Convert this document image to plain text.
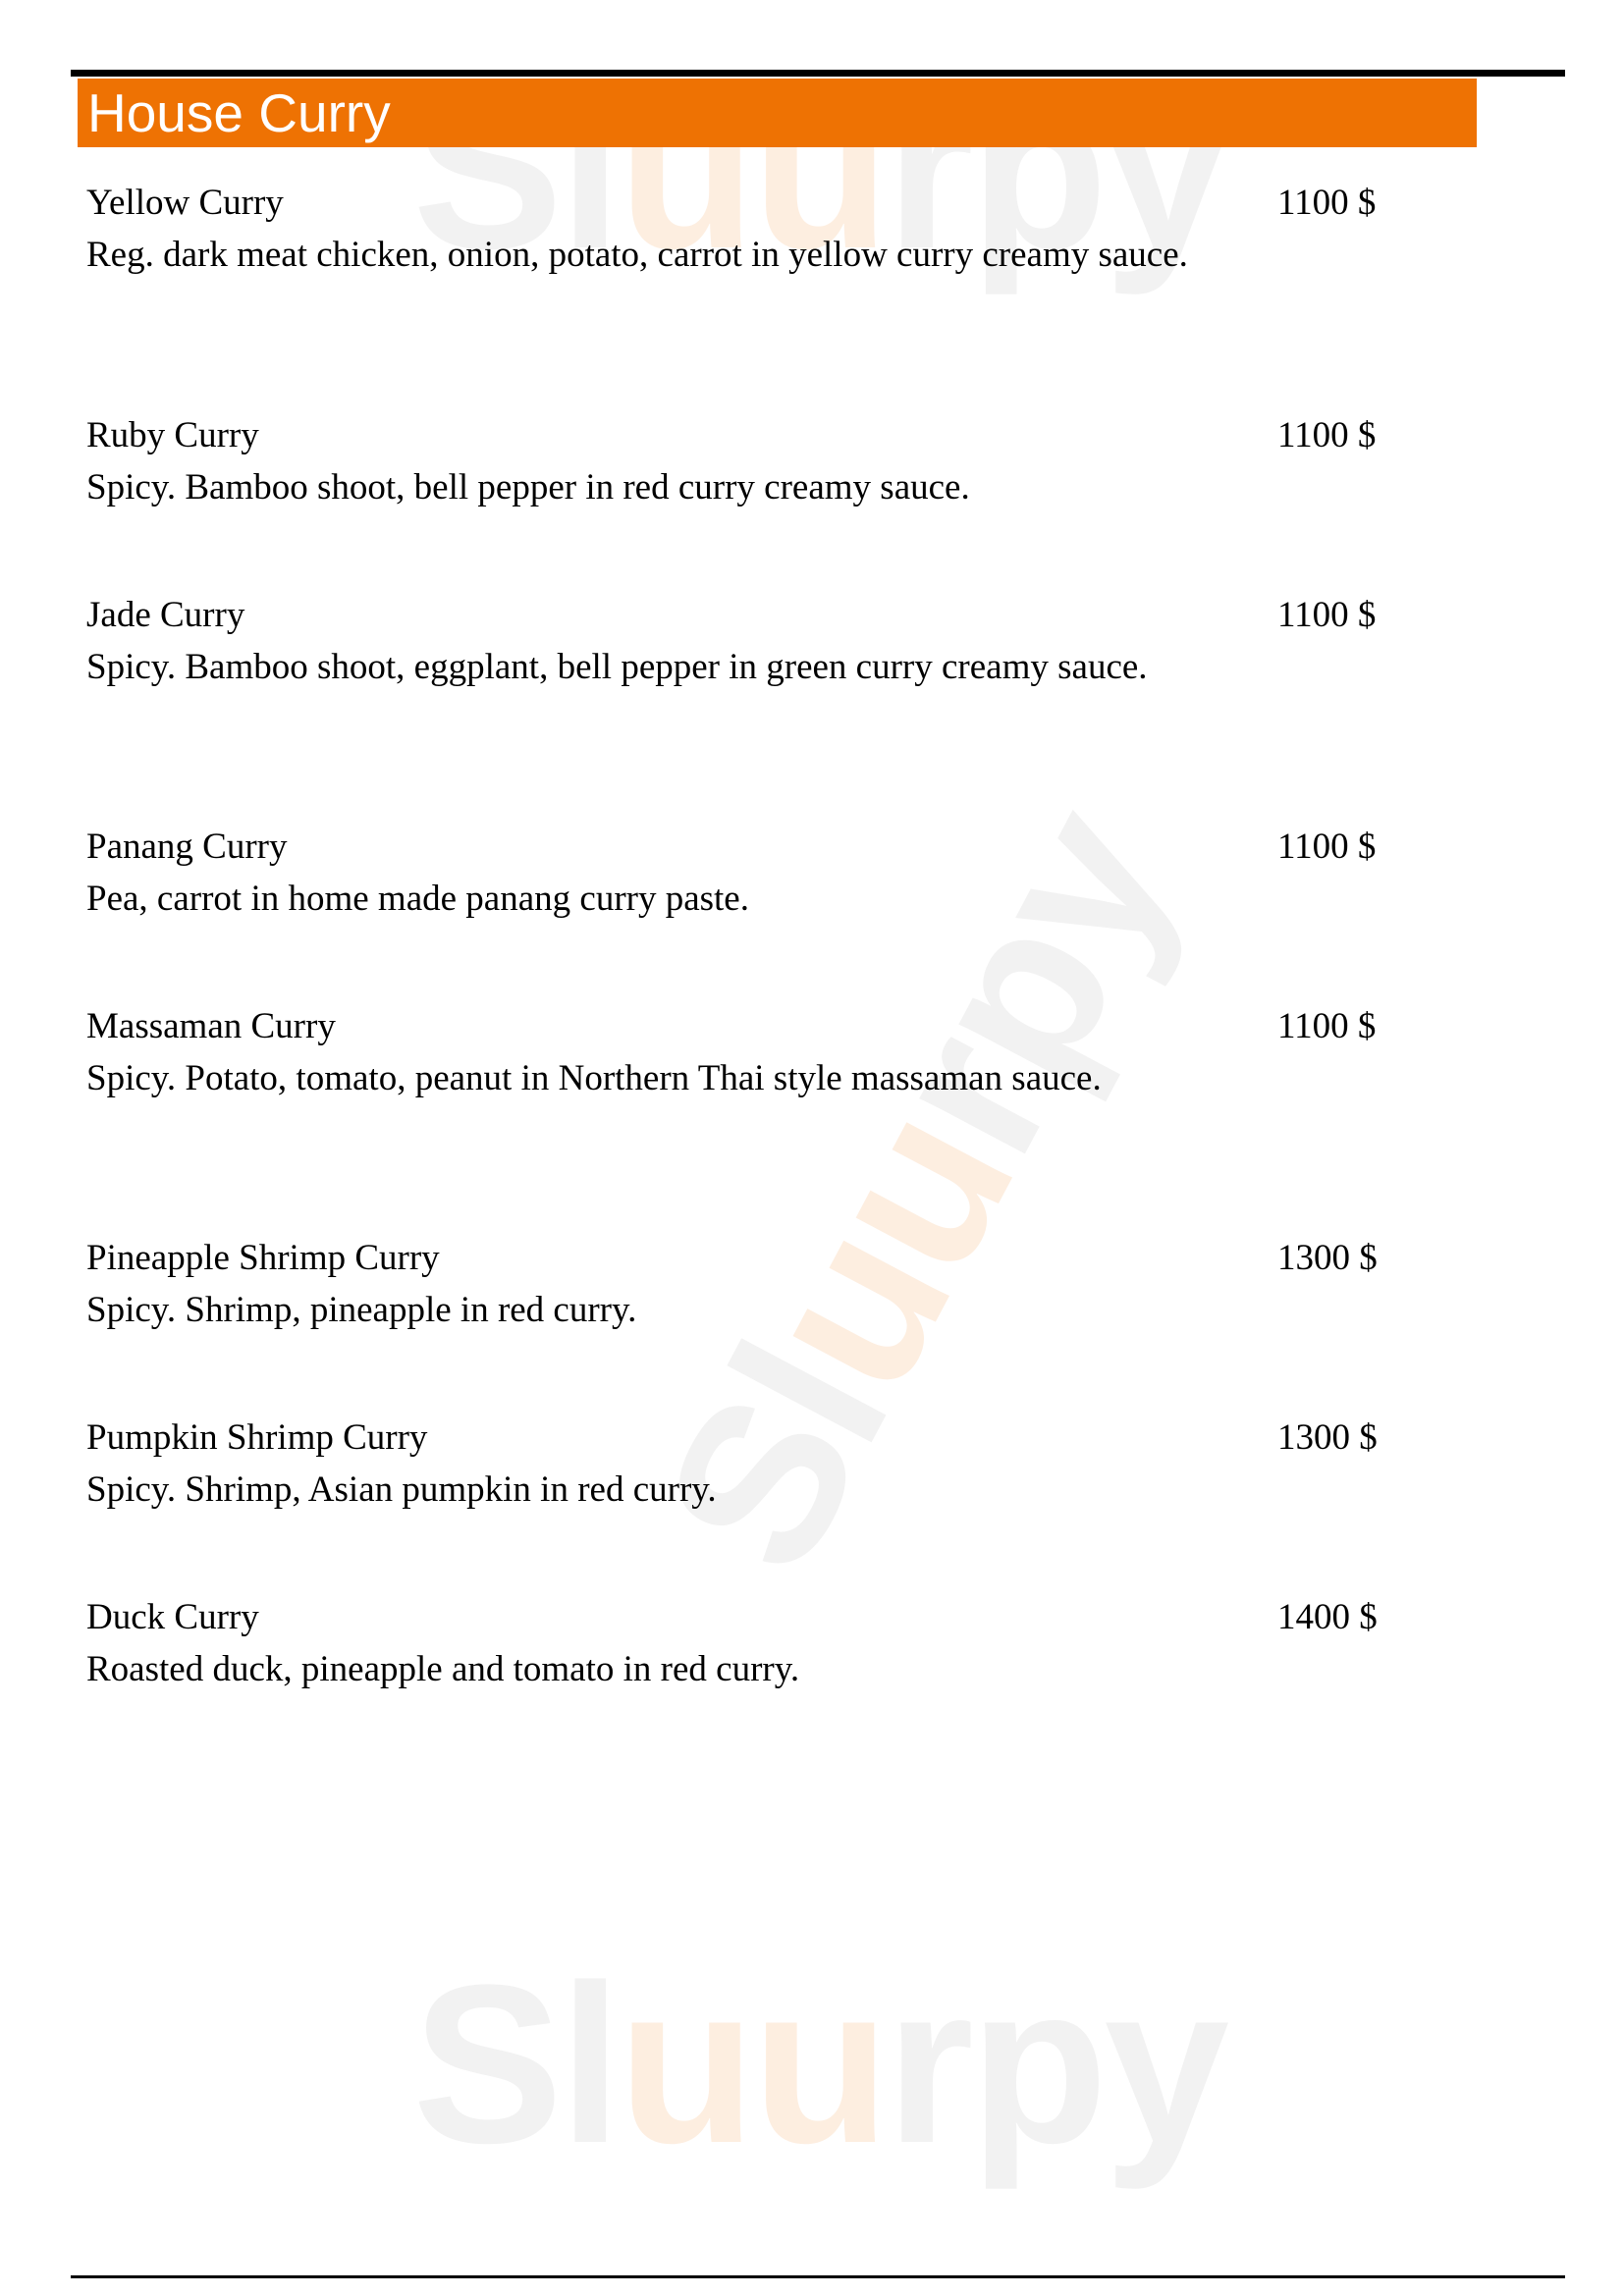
Sluurpy
Sluurpy
Sluurpy
House Curry
Yellow Curry
Reg. dark meat chicken, onion, potato, carrot in yellow curry creamy sauce.
1100 $
Ruby Curry
Spicy. Bamboo shoot, bell pepper in red curry creamy sauce.
1100 $
Jade Curry
Spicy. Bamboo shoot, eggplant, bell pepper in green curry creamy sauce.
1100 $
Panang Curry
Pea, carrot in home made panang curry paste.
1100 $
Massaman Curry
Spicy. Potato, tomato, peanut in Northern Thai style massaman sauce.
1100 $
Pineapple Shrimp Curry
Spicy. Shrimp, pineapple in red curry.
1300 $
Pumpkin Shrimp Curry
Spicy. Shrimp, Asian pumpkin in red curry.
1300 $
Duck Curry
Roasted duck, pineapple and tomato in red curry.
1400 $
